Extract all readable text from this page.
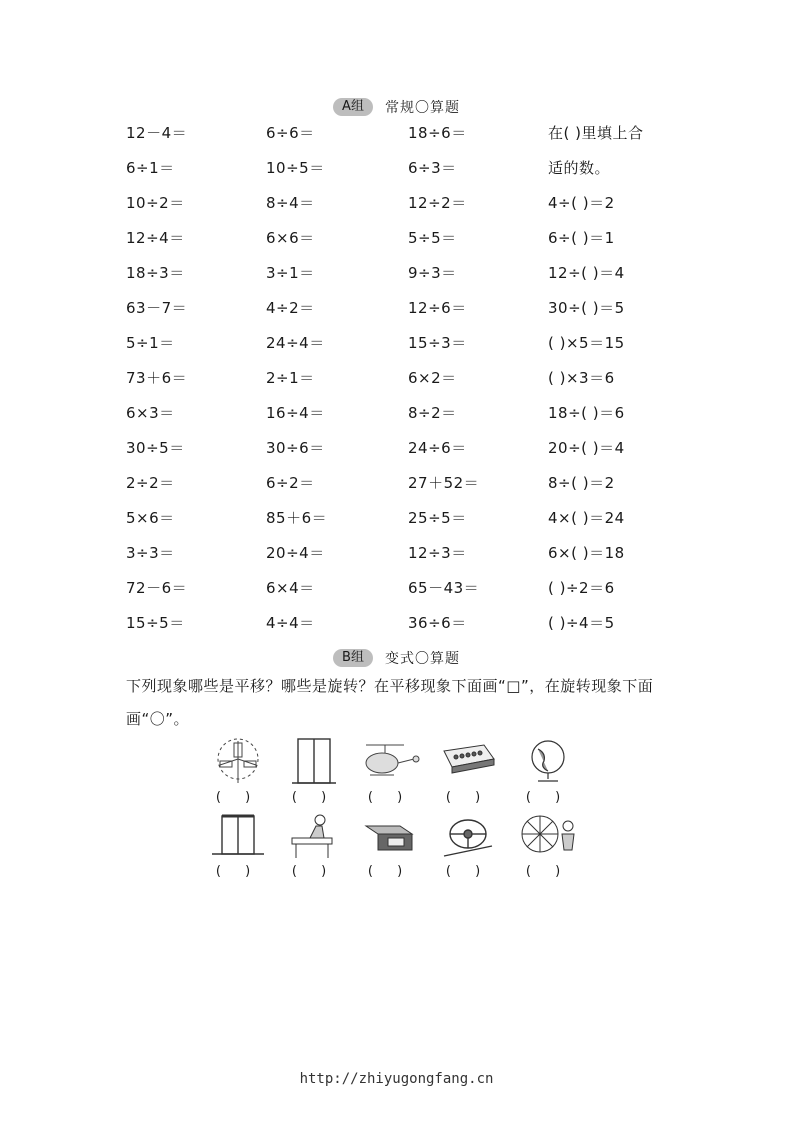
A组	常规〇算题
12－4＝	6÷6＝	18÷6＝	在( )里填上合
6÷1＝	10÷5＝	6÷3＝	适的数。
10÷2＝	8÷4＝	12÷2＝	4÷( )＝2
12÷4＝	6×6＝	5÷5＝	6÷( )＝1
18÷3＝	3÷1＝	9÷3＝	12÷( )＝4
63－7＝	4÷2＝	12÷6＝	30÷( )＝5
5÷1＝	24÷4＝	15÷3＝	( )×5＝15
73＋6＝	2÷1＝	6×2＝	( )×3＝6
6×3＝	16÷4＝	8÷2＝	18÷( )＝6
30÷5＝	30÷6＝	24÷6＝	20÷( )＝4
2÷2＝	6÷2＝	27＋52＝	8÷( )＝2
5×6＝	85＋6＝	25÷5＝	4×( )＝24
3÷3＝	20÷4＝	12÷3＝	6×( )＝18
72－6＝	6×4＝	65－43＝	( )÷2＝6
15÷5＝	4÷4＝	36÷6＝	( )÷4＝5
B组	变式〇算题
下列现象哪些是平移？哪些是旋转？在平移现象下面画“□”，在旋转现象下面画“〇”。
( )	( )	( )	( )	( )
( )	( )	( )	( )	( )
http://zhiyugongfang.cn
